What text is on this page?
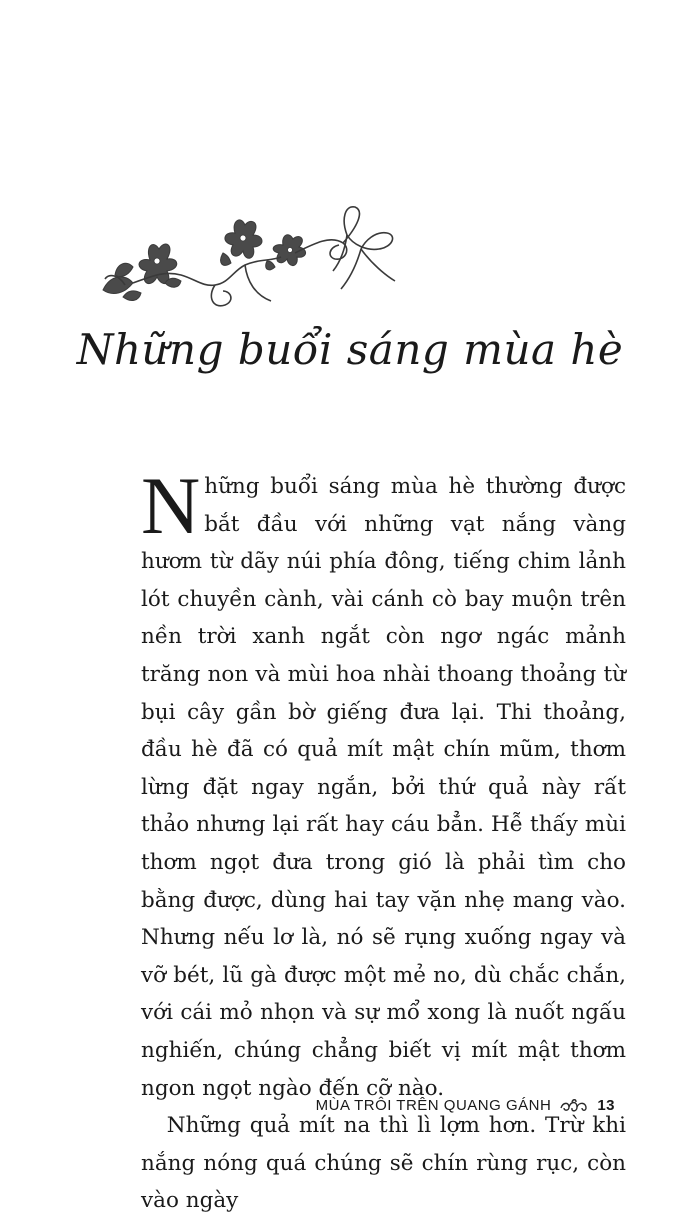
Những buổi sáng mùa hè

Những buổi sáng mùa hè thường được bắt đầu với những vạt nắng vàng hươm từ dãy núi phía đông, tiếng chim lảnh lót chuyền cành, vài cánh cò bay muộn trên nền trời xanh ngắt còn ngơ ngác mảnh trăng non và mùi hoa nhài thoang thoảng từ bụi cây gần bờ giếng đưa lại. Thi thoảng, đầu hè đã có quả mít mật chín mũm, thơm lừng đặt ngay ngắn, bởi thứ quả này rất thảo nhưng lại rất hay cáu bẳn. Hễ thấy mùi thơm ngọt đưa trong gió là phải tìm cho bằng được, dùng hai tay vặn nhẹ mang vào. Nhưng nếu lơ là, nó sẽ rụng xuống ngay và vỡ bét, lũ gà được một mẻ no, dù chắc chắn, với cái mỏ nhọn và sự mổ xong là nuốt ngấu nghiến, chúng chẳng biết vị mít mật thơm ngon ngọt ngào đến cỡ nào.

Những quả mít na thì lì lợm hơn. Trừ khi nắng nóng quá chúng sẽ chín rùng rục, còn vào ngày

MÙA TRÔI TRÊN QUANG GÁNH	13
